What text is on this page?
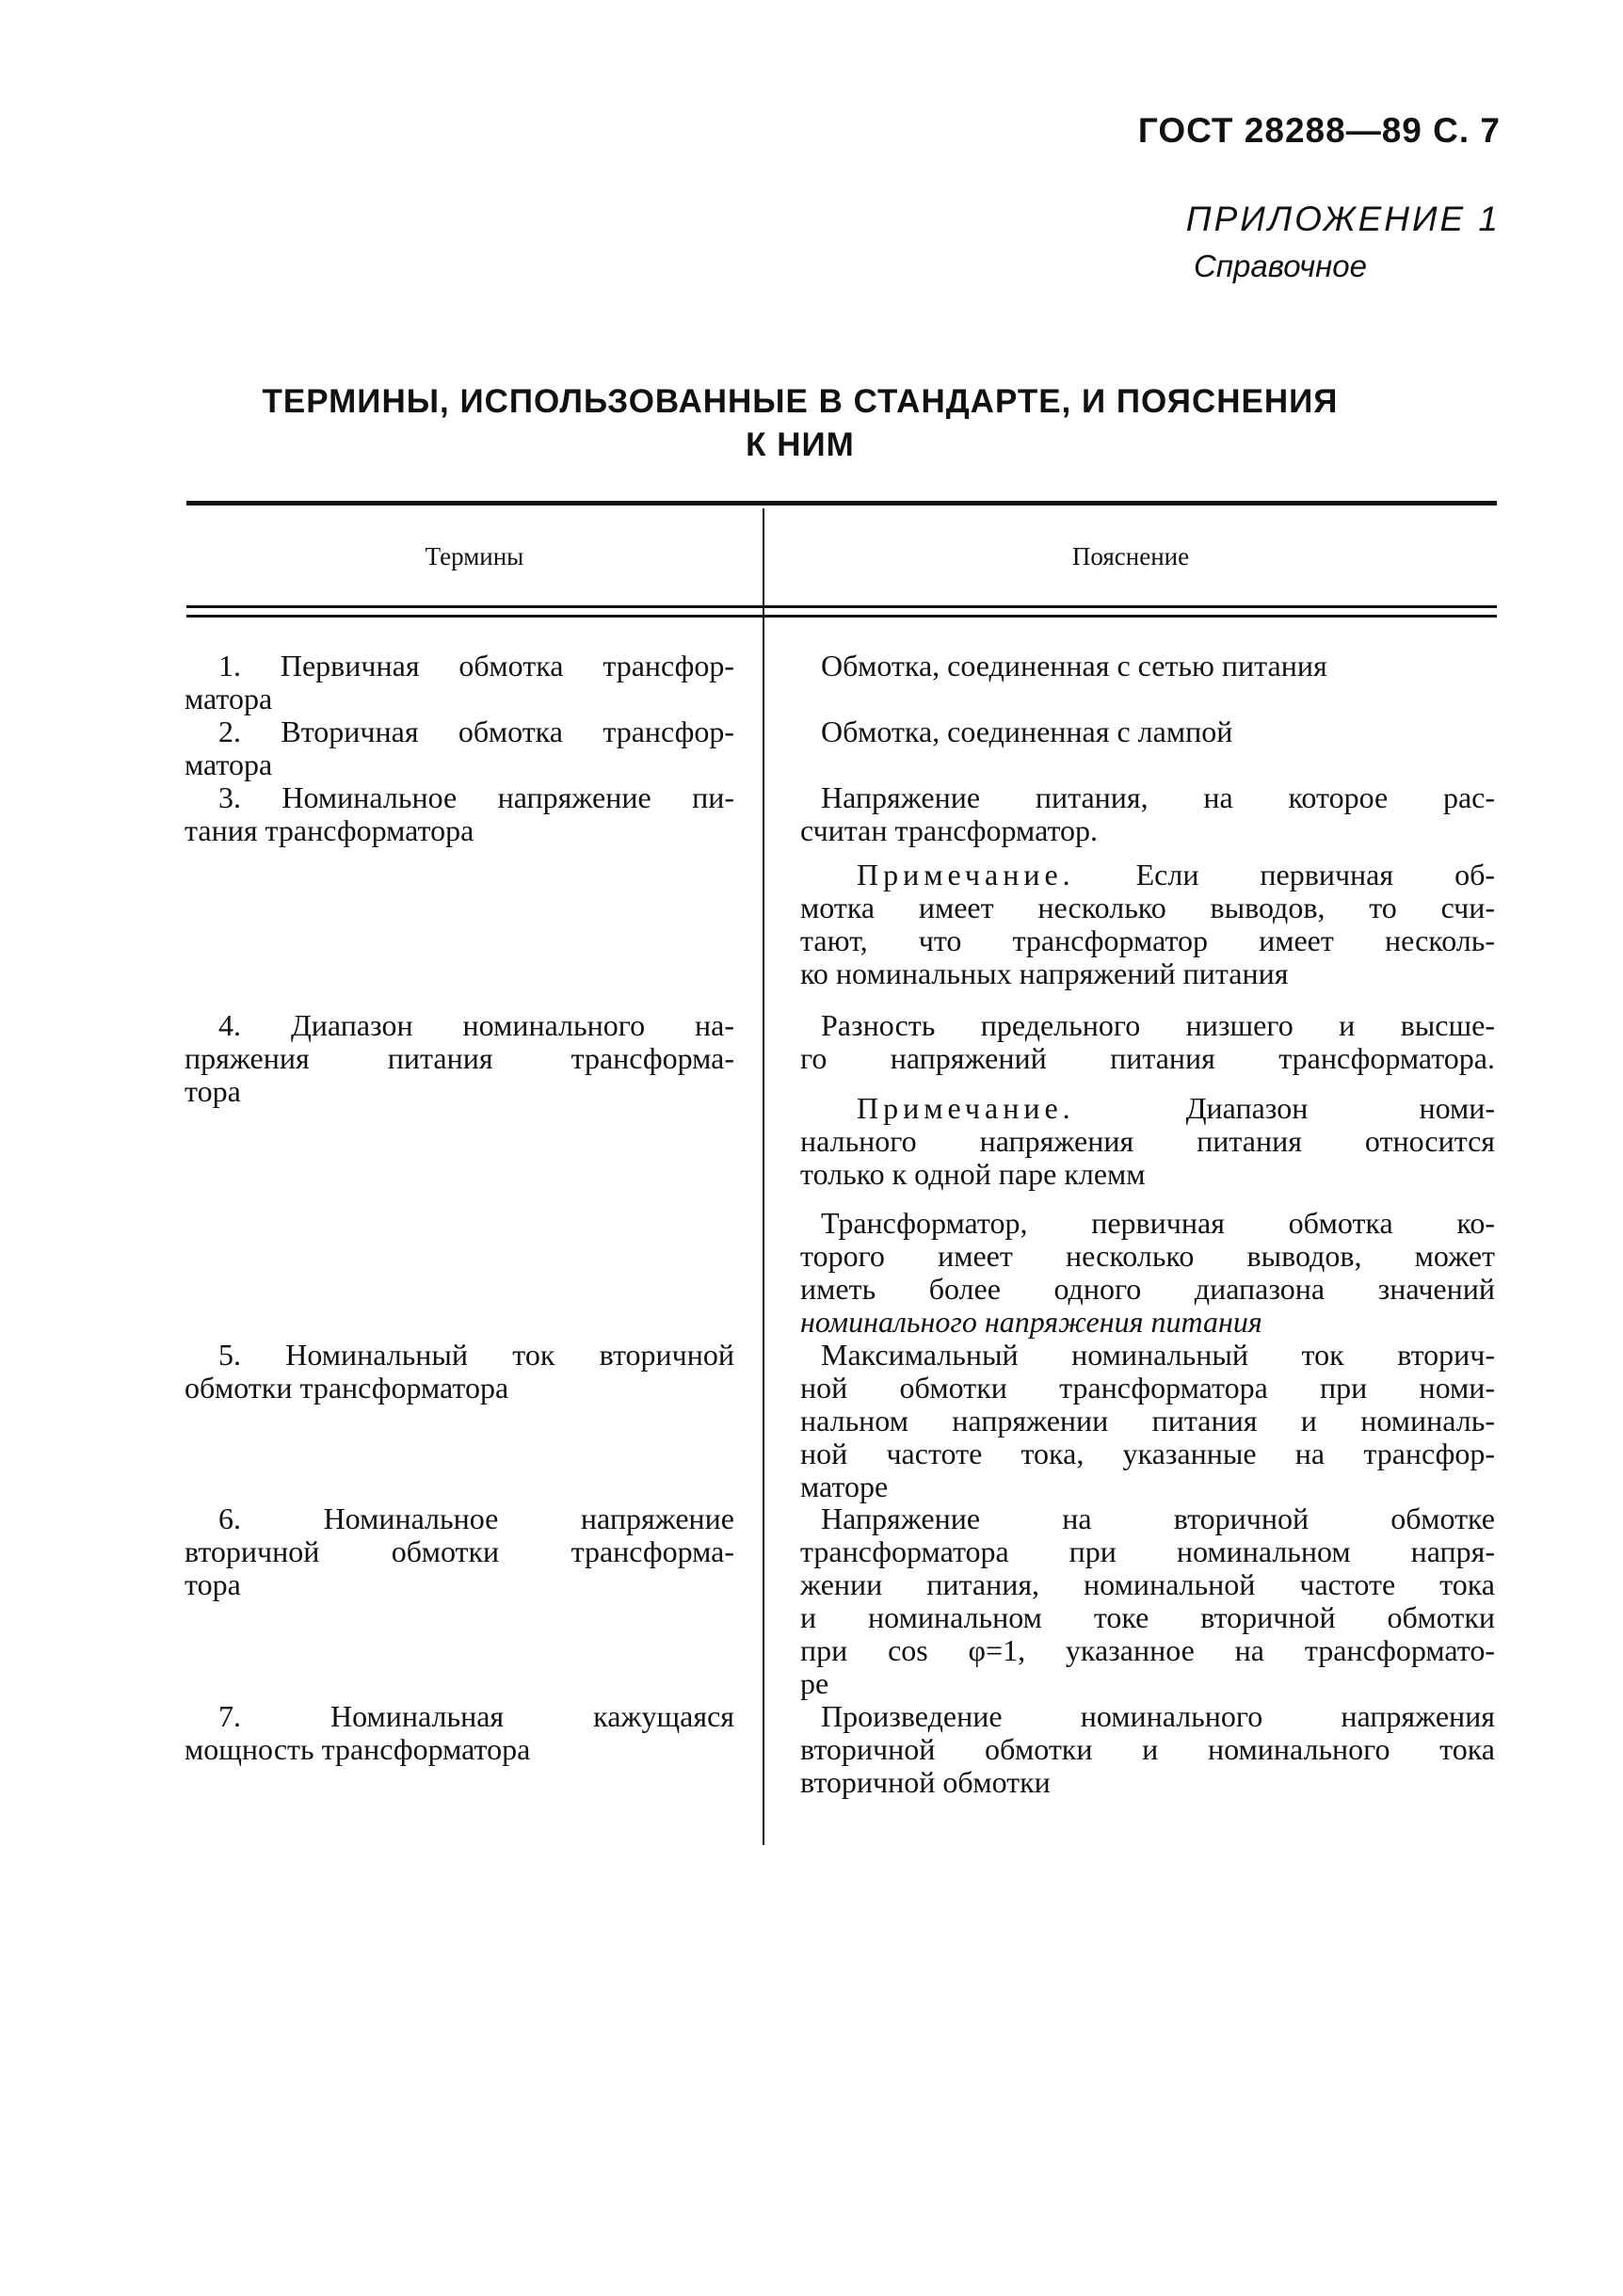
ГОСТ 28288—89 С. 7
ПРИЛОЖЕНИЕ 1
Справочное
ТЕРМИНЫ, ИСПОЛЬЗОВАННЫЕ В СТАНДАРТЕ, И ПОЯСНЕНИЯ
К НИМ
Термины	Пояснение
1. Первичная обмотка трансфор-
матора
Обмотка, соединенная с сетью питания
2. Вторичная обмотка трансфор-
матора
Обмотка, соединенная с лампой
3. Номинальное напряжение пи-
тания трансформатора
Напряжение питания, на которое рас-
считан трансформатор.
Примечание. Если первичная об-
мотка имеет несколько выводов, то счи-
тают, что трансформатор имеет несколь-
ко номинальных напряжений питания
4. Диапазон номинального на-
пряжения питания трансформа-
тора
Разность предельного низшего и высше-
го напряжений питания трансформатора.
Примечание. Диапазон номи-
нального напряжения питания относится
только к одной паре клемм
Трансформатор, первичная обмотка ко-
торого имеет несколько выводов, может
иметь более одного диапазона значений
номинального напряжения питания
5. Номинальный ток вторичной
обмотки трансформатора
Максимальный номинальный ток вторич-
ной обмотки трансформатора при номи-
нальном напряжении питания и номиналь-
ной частоте тока, указанные на трансфор-
маторе
6. Номинальное напряжение
вторичной обмотки трансформа-
тора
Напряжение на вторичной обмотке
трансформатора при номинальном напря-
жении питания, номинальной частоте тока
и номинальном токе вторичной обмотки
при cos φ=1, указанное на трансформато-
ре
7. Номинальная кажущаяся
мощность трансформатора
Произведение номинального напряжения
вторичной обмотки и номинального тока
вторичной обмотки
